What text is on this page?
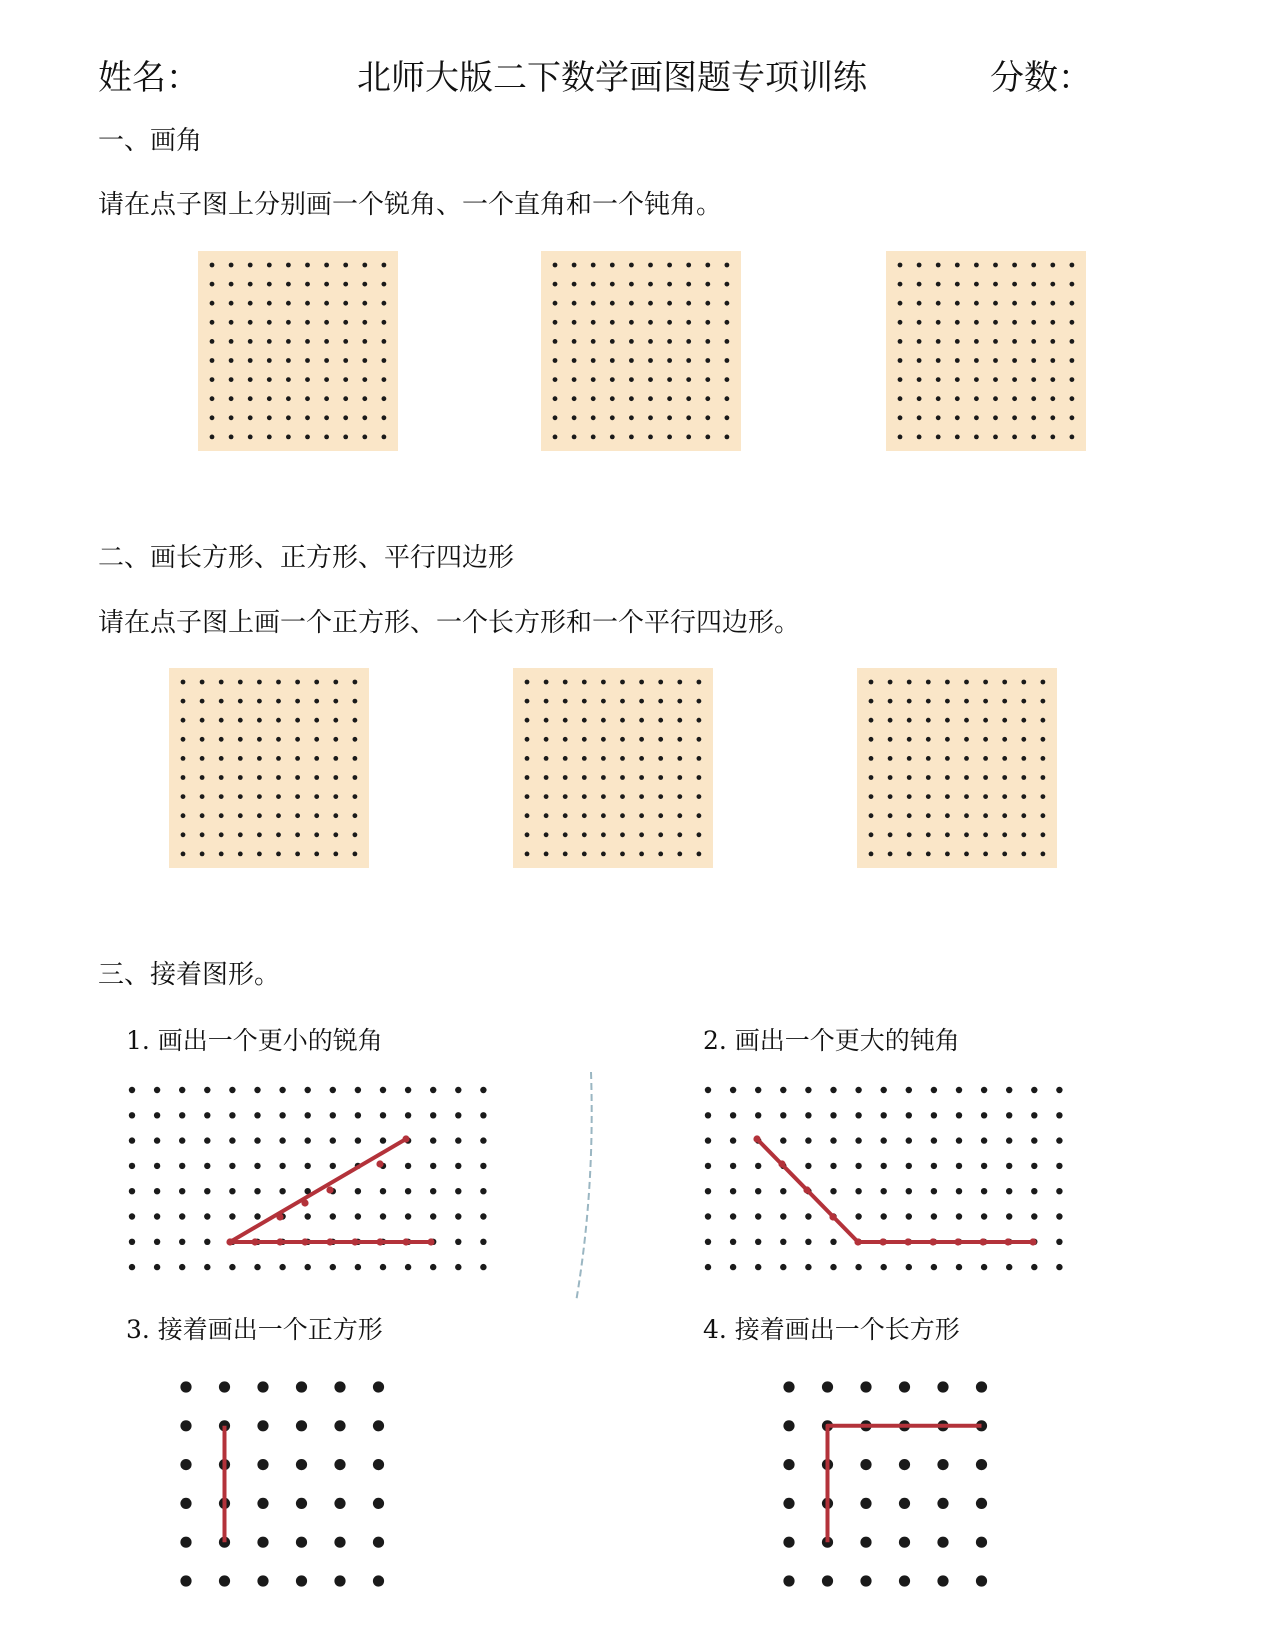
姓名：	北师大版二下数学画图题专项训练	分数：
一、画角
请在点子图上分别画一个锐角、一个直角和一个钝角。
二、画长方形、正方形、平行四边形
请在点子图上画一个正方形、一个长方形和一个平行四边形。
三、接着图形。
1. 画出一个更小的锐角	2. 画出一个更大的钝角
3. 接着画出一个正方形	4. 接着画出一个长方形
